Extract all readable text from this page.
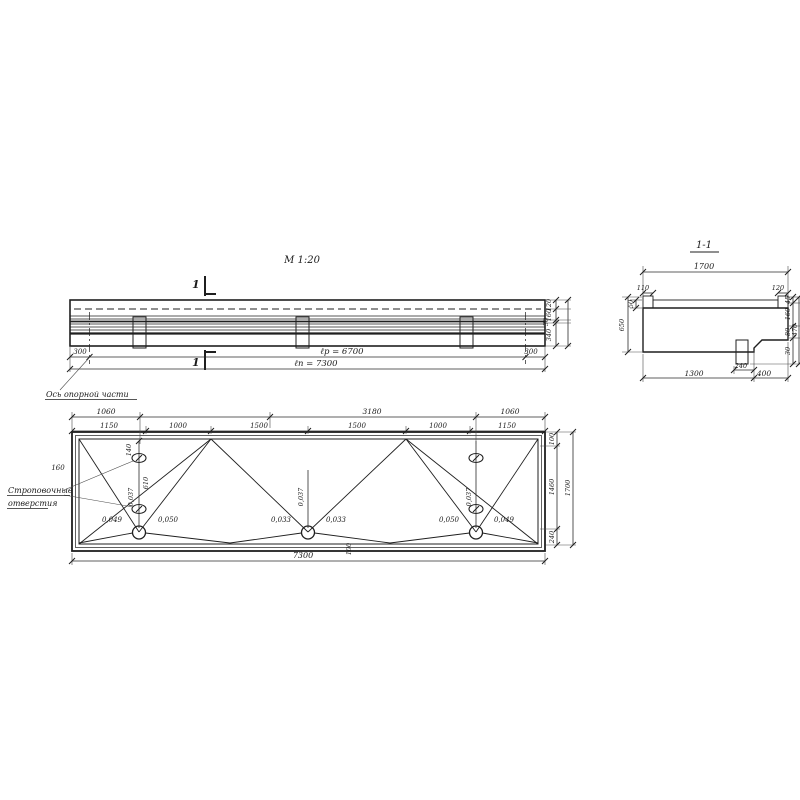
М 1:20
1
1
300	300
ℓр = 6700
ℓп = 7300
120
160
30
340
Ось опорной части
1-1
1700
110	120
50
650
45
160
80
30
470
240
1300	400
1060	3180	1060
1150	1000	1500	1500	1000	1150
100
1460
240
1700
7300
160
140
610
100
0,049	0,050
0,037
0,033	0,033
0,037
0,050	0,049
0,037
Строповочные
отверстия
